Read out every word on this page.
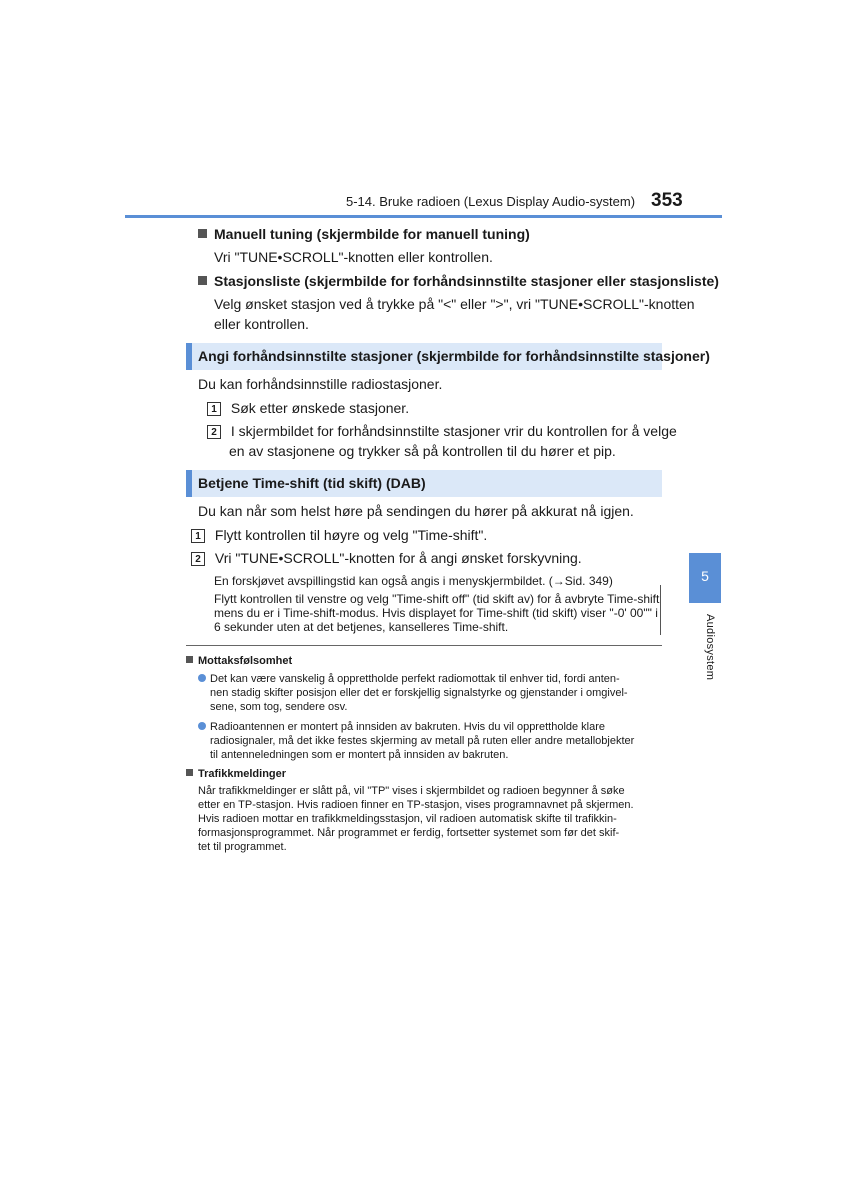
5-14. Bruke radioen (Lexus Display Audio-system) 353
5
Audiosystem
Manuell tuning (skjermbilde for manuell tuning)
Vri "TUNE•SCROLL"-knotten eller kontrollen.
Stasjonsliste (skjermbilde for forhåndsinnstilte stasjoner eller stasjonsliste)
Velg ønsket stasjon ved å trykke på "<" eller ">", vri "TUNE•SCROLL"-knotten
eller kontrollen.
Angi forhåndsinnstilte stasjoner (skjermbilde for forhåndsinnstilte stasjoner)
Du kan forhåndsinnstille radiostasjoner.
1 Søk etter ønskede stasjoner.
2 I skjermbildet for forhåndsinnstilte stasjoner vrir du kontrollen for å velge
en av stasjonene og trykker så på kontrollen til du hører et pip.
Betjene Time-shift (tid skift) (DAB)
Du kan når som helst høre på sendingen du hører på akkurat nå igjen.
1 Flytt kontrollen til høyre og velg "Time-shift".
2 Vri "TUNE•SCROLL"-knotten for å angi ønsket forskyvning.
En forskjøvet avspillingstid kan også angis i menyskjermbildet. (→Sid. 349)
Flytt kontrollen til venstre og velg "Time-shift off" (tid skift av) for å avbryte Time-shift
mens du er i Time-shift-modus. Hvis displayet for Time-shift (tid skift) viser "-0' 00"" i
6 sekunder uten at det betjenes, kanselleres Time-shift.
Mottaksfølsomhet
Det kan være vanskelig å opprettholde perfekt radiomottak til enhver tid, fordi anten-
nen stadig skifter posisjon eller det er forskjellig signalstyrke og gjenstander i omgivel-
sene, som tog, sendere osv.
Radioantennen er montert på innsiden av bakruten. Hvis du vil opprettholde klare
radiosignaler, må det ikke festes skjerming av metall på ruten eller andre metallobjekter
til antenneledningen som er montert på innsiden av bakruten.
Trafikkmeldinger
Når trafikkmeldinger er slått på, vil "TP" vises i skjermbildet og radioen begynner å søke
etter en TP-stasjon. Hvis radioen finner en TP-stasjon, vises programnavnet på skjermen.
Hvis radioen mottar en trafikkmeldingsstasjon, vil radioen automatisk skifte til trafikkin-
formasjonsprogrammet. Når programmet er ferdig, fortsetter systemet som før det skif-
tet til programmet.
